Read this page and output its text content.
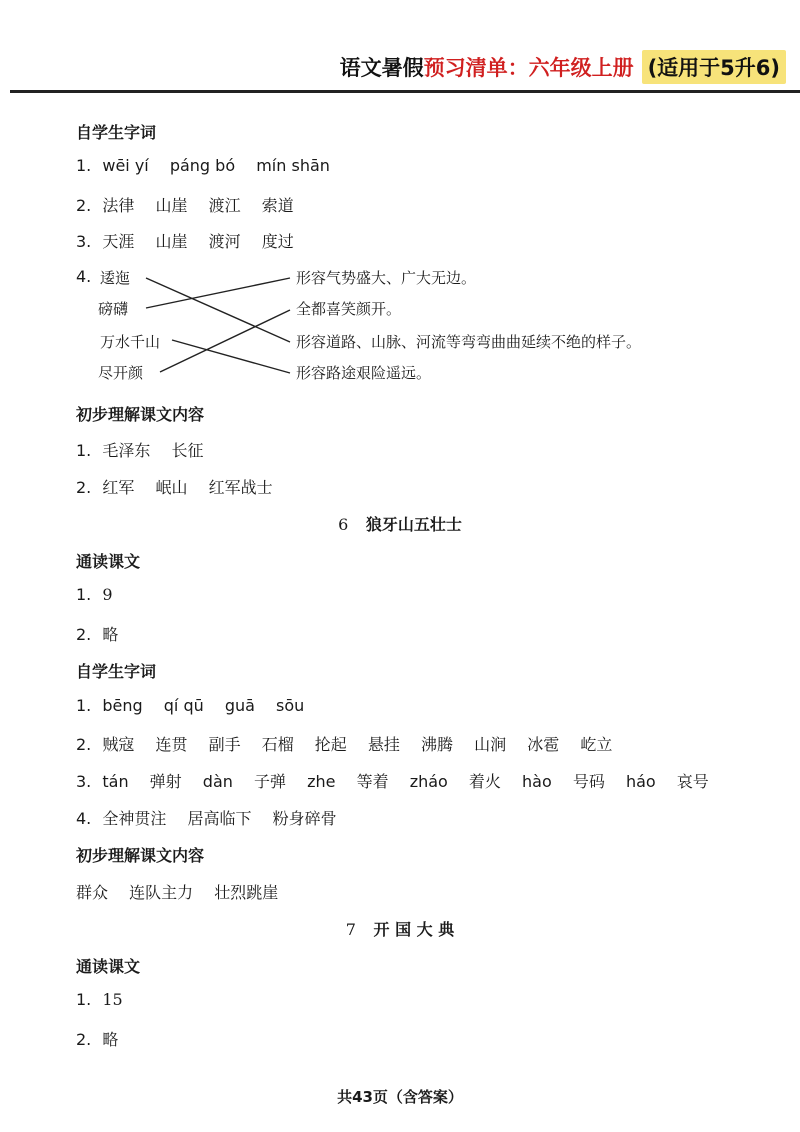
语文暑假 预习清单：六年级上册 (适用于5升6)
自学生字词
1. wēi yí páng bó mín shān
2. 法律 山崖 渡江 索道
3. 天涯 山崖 渡河 度过
4. 逶迤
磅礴
万水千山
尽开颜
形容气势盛大、广大无边。
全都喜笑颜开。
形容道路、山脉、河流等弯弯曲曲延续不绝的样子。
形容路途艰险遥远。
初步理解课文内容
1. 毛泽东 长征
2. 红军 岷山 红军战士
6 狼牙山五壮士
通读课文
1. 9
2. 略
自学生字词
1. bēng qí qū guā sōu
2. 贼寇 连贯 副手 石榴 抡起 悬挂 沸腾 山涧 冰雹 屹立
3. tán 弹射 dàn 子弹 zhe 等着 zháo 着火 hào 号码 háo 哀号
4. 全神贯注 居高临下 粉身碎骨
初步理解课文内容
群众 连队主力 壮烈跳崖
7 开 国 大 典
通读课文
1. 15
2. 略
共43页（含答案）
